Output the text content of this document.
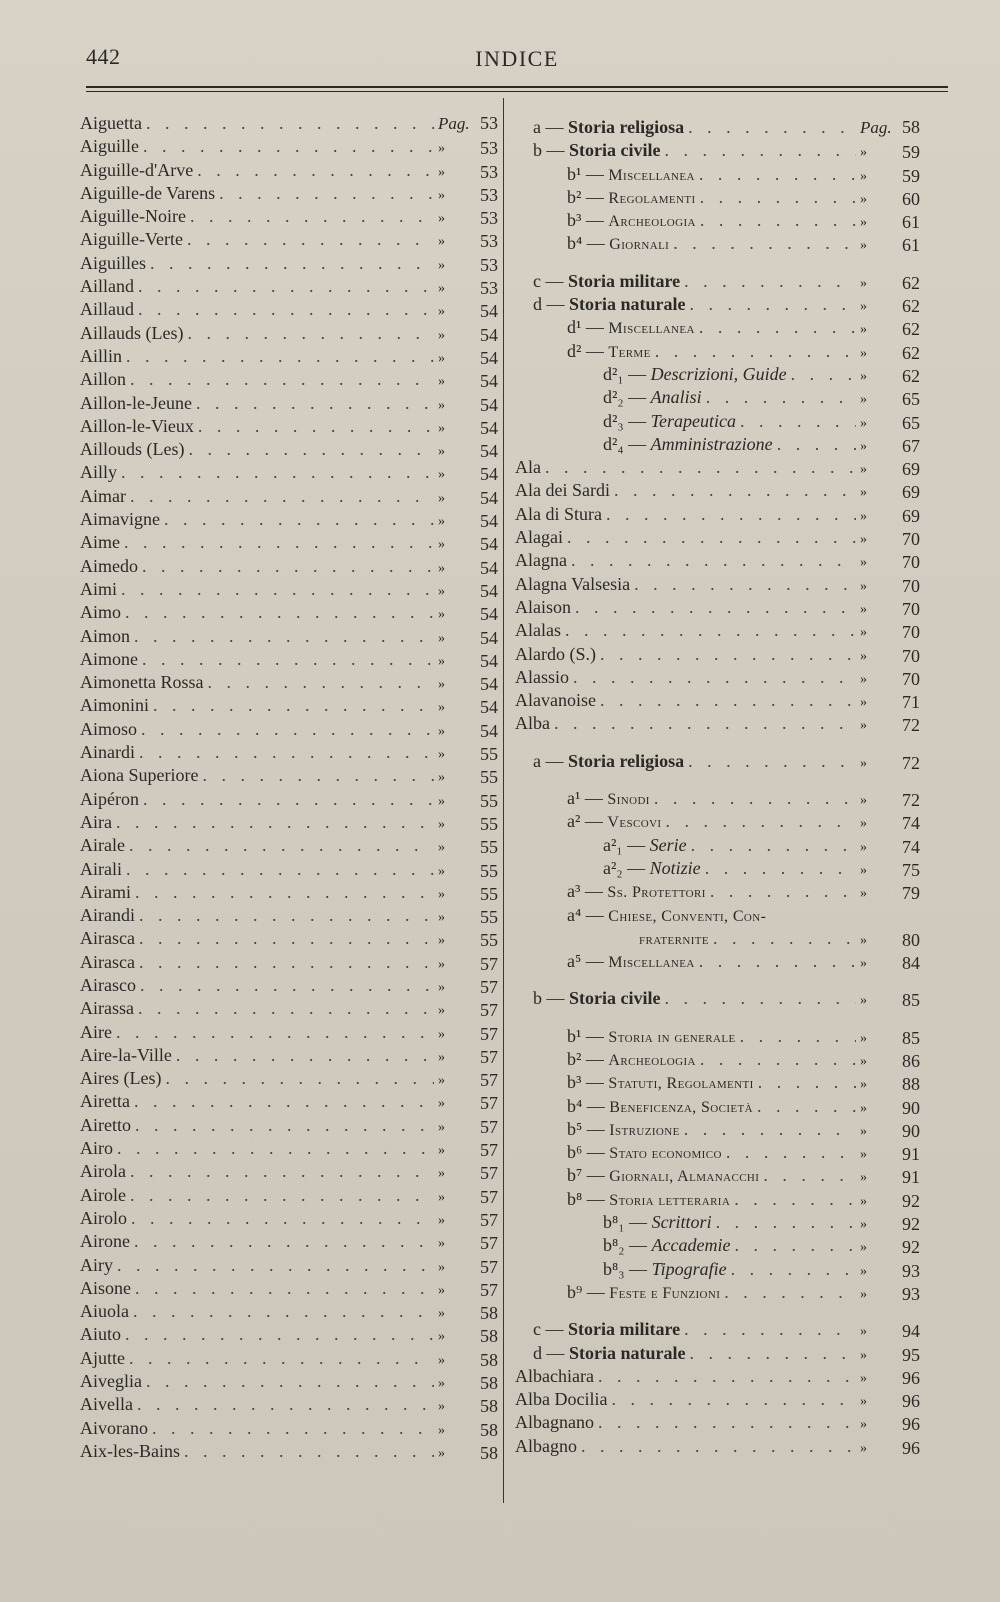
442	INDICE
Aiguetta . . .	Pag. 53
Aiguille . . .	» 53
Aiguille-d'Arve . . .	» 53
Aiguille-de Varens . . .	» 53
Aiguille-Noire . . .	» 53
Aiguille-Verte . . .	» 53
Aiguilles . . .	» 53
Ailland . . .	» 53
Aillaud . . .	» 54
Aillauds (Les) . . .	» 54
Aillin . . .	» 54
Aillon . . .	» 54
Aillon-le-Jeune . . .	» 54
Aillon-le-Vieux . . .	» 54
Aillouds (Les) . . .	» 54
Ailly . . .	» 54
Aimar . . .	» 54
Aimavigne . . .	» 54
Aime . . .	» 54
Aimedo . . .	» 54
Aimi . . .	» 54
Aimo . . .	» 54
Aimon . . .	» 54
Aimone . . .	» 54
Aimonetta Rossa . . .	» 54
Aimonini . . .	» 54
Aimoso . . .	» 54
Ainardi . . .	» 55
Aiona Superiore . . .	» 55
Aipéron . . .	» 55
Aira . . .	» 55
Airale . . .	» 55
Airali . . .	» 55
Airami . . .	» 55
Airandi . . .	» 55
Airasca . . .	» 55
Airasca . . .	» 57
Airasco . . .	» 57
Airassa . . .	» 57
Aire . . .	» 57
Aire-la-Ville . . .	» 57
Aires (Les) . . .	» 57
Airetta . . .	» 57
Airetto . . .	» 57
Airo . . .	» 57
Airola . . .	» 57
Airole . . .	» 57
Airolo . . .	» 57
Airone . . .	» 57
Airy . . .	» 57
Aisone . . .	» 57
Aiuola . . .	» 58
Aiuto . . .	» 58
Ajutte . . .	» 58
Aiveglia . . .	» 58
Aivella . . .	» 58
Aivorano . . .	» 58
Aix-les-Bains . . .	» 58
a — Storia religiosa . . .	Pag. 58
b — Storia civile . . .	» 59
b¹ — Miscellanea . . .	» 59
b² — Regolamenti . . .	» 60
b³ — Archeologia . . .	» 61
b⁴ — Giornali . . .	» 61
c — Storia militare . . .	» 62
d — Storia naturale . . .	» 62
d¹ — Miscellanea . . .	» 62
d² — Terme . . .	» 62
d²₁ — Descrizioni, Guide . . .	» 62
d²₂ — Analisi . . .	» 65
d²₃ — Terapeutica . . .	» 65
d²₄ — Amministrazione . . .	» 67
Ala . . .	» 69
Ala dei Sardi . . .	» 69
Ala di Stura . . .	» 69
Alagai . . .	» 70
Alagna . . .	» 70
Alagna Valsesia . . .	» 70
Alaison . . .	» 70
Alalas . . .	» 70
Alardo (S.) . . .	» 70
Alassio . . .	» 70
Alavanoise . . .	» 71
Alba . . .	» 72
a — Storia religiosa . . .	» 72
a¹ — Sinodi . . .	» 72
a² — Vescovi . . .	» 74
a²₁ — Serie . . .	» 74
a²₂ — Notizie . . .	» 75
a³ — Ss. Protettori . . .	» 79
a⁴ — Chiese, Conventi, Con-
fraternite . . .	» 80
a⁵ — Miscellanea . . .	» 84
b — Storia civile . . .	» 85
b¹ — Storia in generale . . .	» 85
b² — Archeologia . . .	» 86
b³ — Statuti, Regolamenti . . .	» 88
b⁴ — Beneficenza, Società . . .	» 90
b⁵ — Istruzione . . .	» 90
b⁶ — Stato economico . . .	» 91
b⁷ — Giornali, Almanacchi . . .	» 91
b⁸ — Storia letteraria . . .	» 92
b⁸₁ — Scrittori . . .	» 92
b⁸₂ — Accademie . . .	» 92
b⁸₃ — Tipografie . . .	» 93
b⁹ — Feste e Funzioni . . .	» 93
c — Storia militare . . .	» 94
d — Storia naturale . . .	» 95
Albachiara . . .	» 96
Alba Docilia . . .	» 96
Albagnano . . .	» 96
Albagno . . .	» 96
